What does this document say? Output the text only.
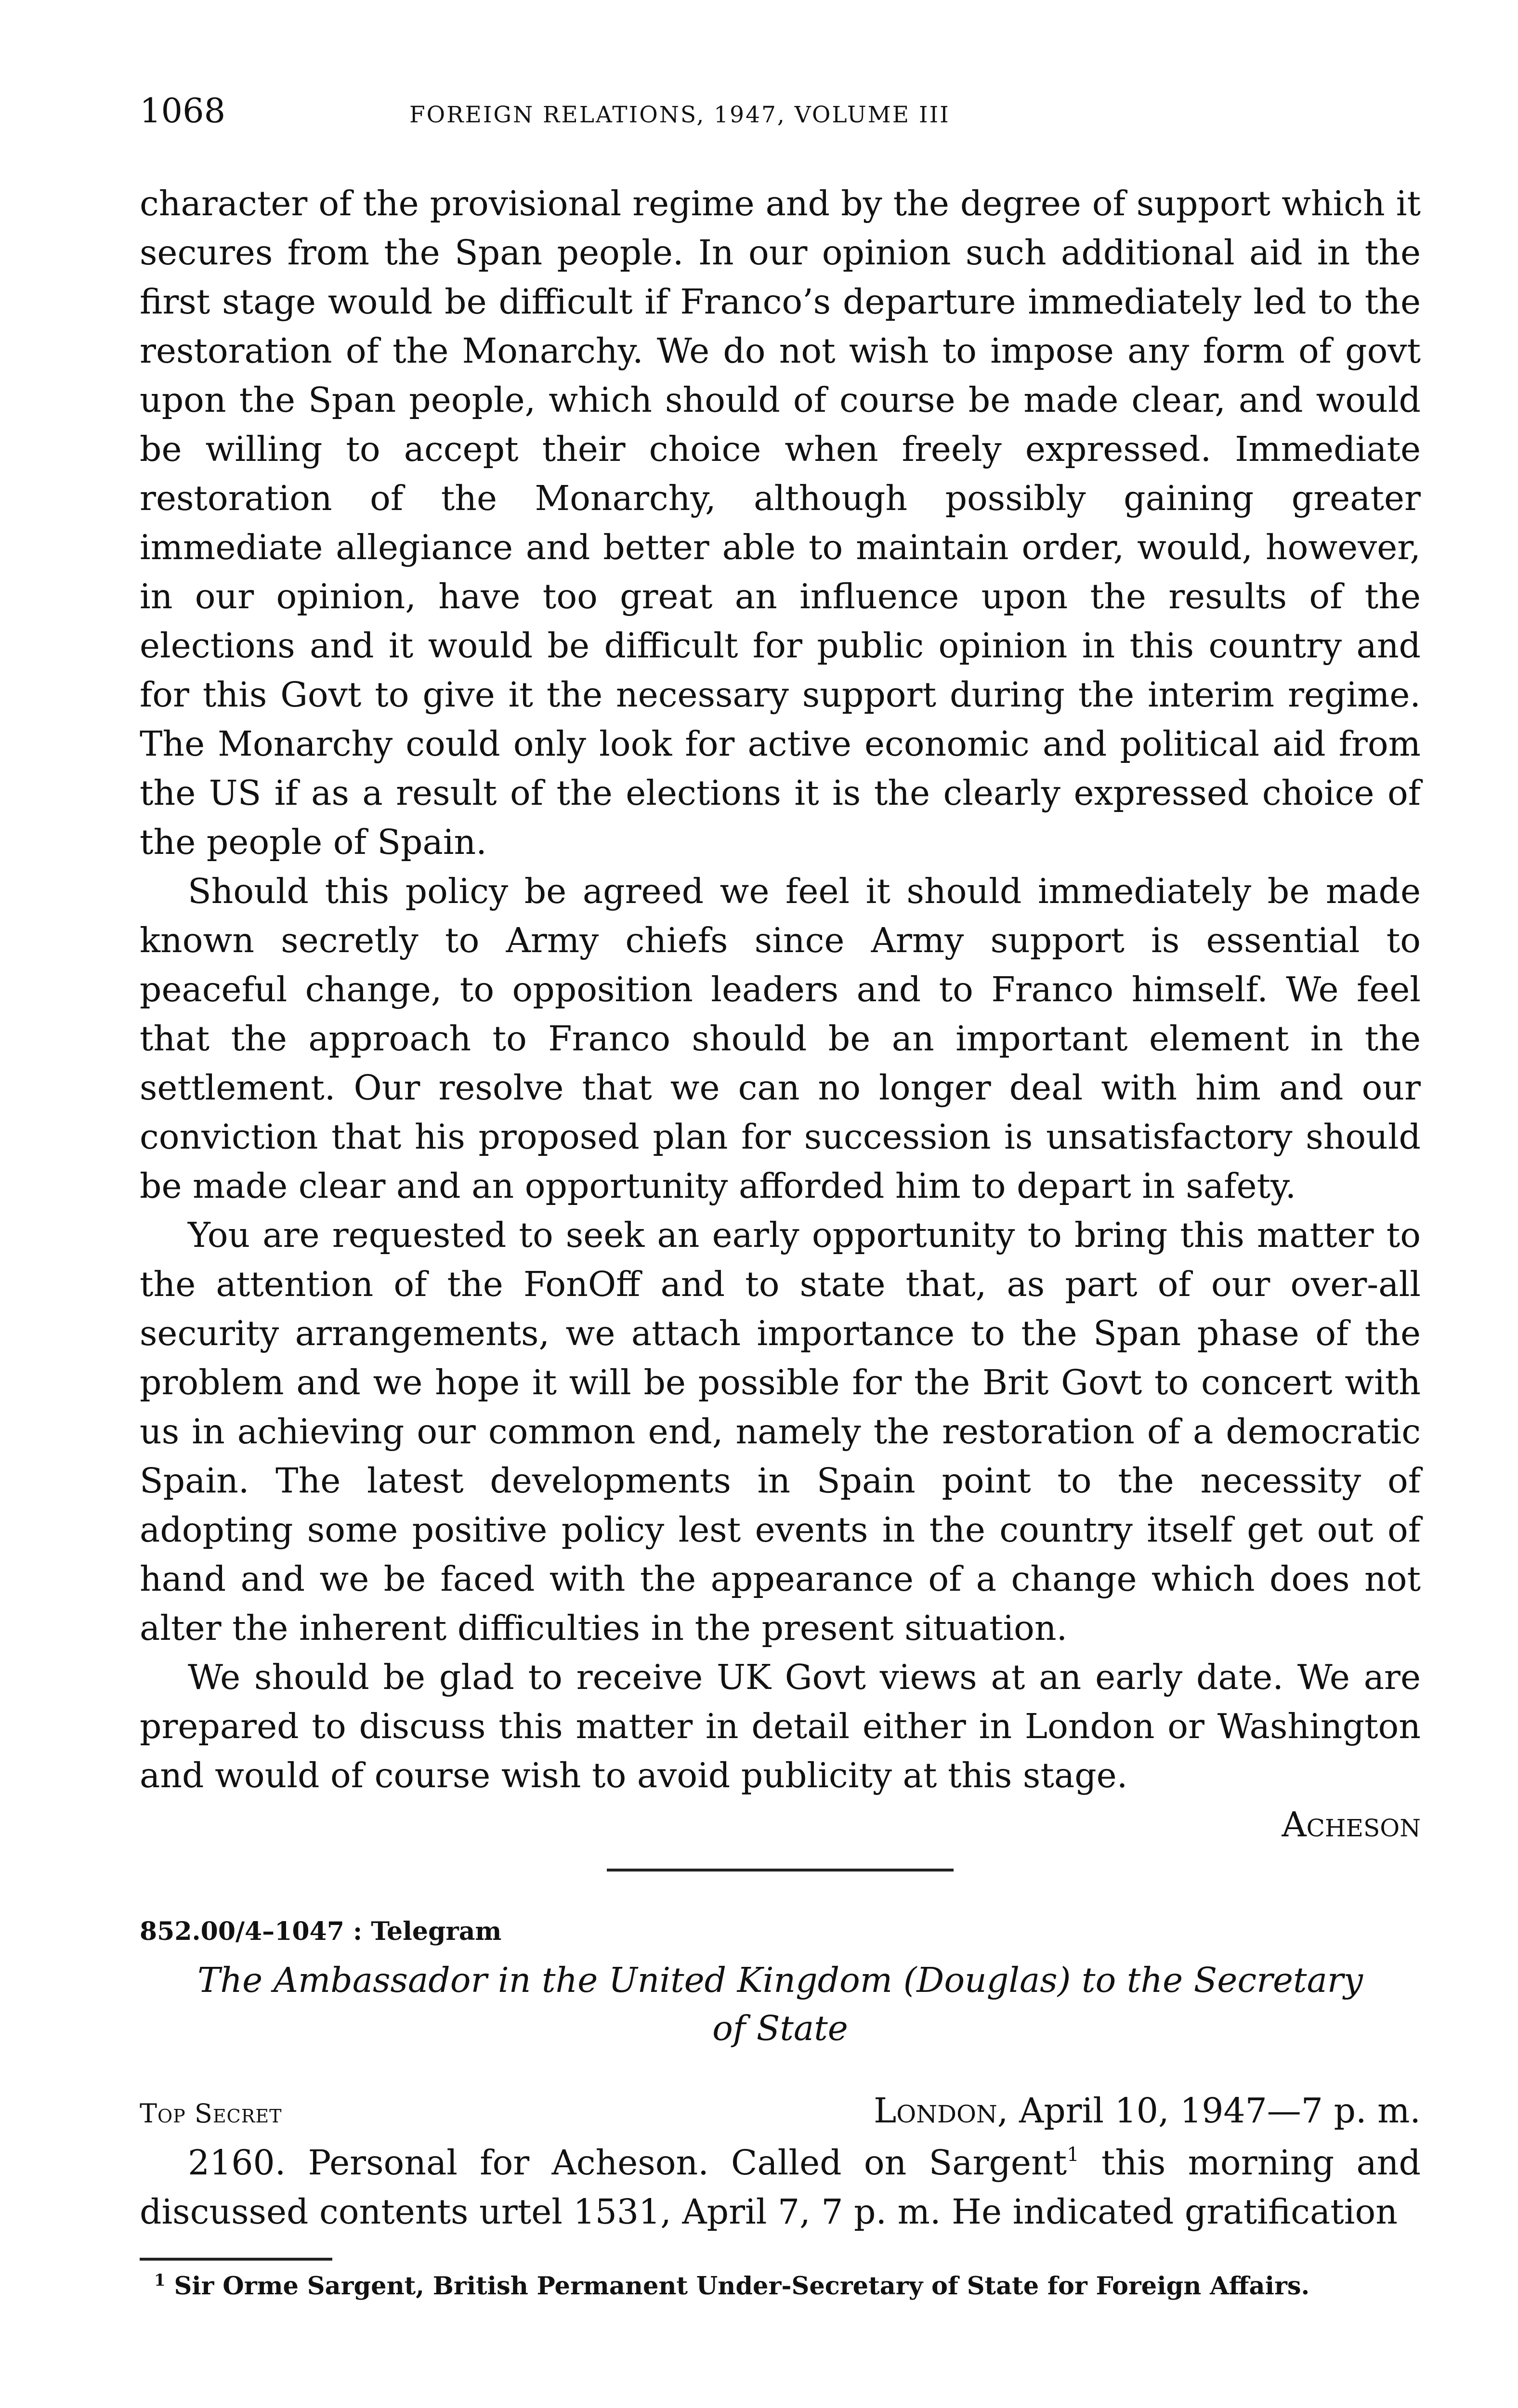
1068	FOREIGN RELATIONS, 1947, VOLUME III

character of the provisional regime and by the degree of support which it secures from the Span people. In our opinion such additional aid in the first stage would be difficult if Franco’s departure immediately led to the restoration of the Monarchy. We do not wish to impose any form of govt upon the Span people, which should of course be made clear, and would be willing to accept their choice when freely expressed. Immediate restoration of the Monarchy, although possibly gaining greater immediate allegiance and better able to maintain order, would, however, in our opinion, have too great an influence upon the results of the elections and it would be difficult for public opinion in this country and for this Govt to give it the necessary support during the interim regime. The Monarchy could only look for active economic and political aid from the US if as a result of the elections it is the clearly expressed choice of the people of Spain.

Should this policy be agreed we feel it should immediately be made known secretly to Army chiefs since Army support is essential to peaceful change, to opposition leaders and to Franco himself. We feel that the approach to Franco should be an important element in the settlement. Our resolve that we can no longer deal with him and our conviction that his proposed plan for succession is unsatisfactory should be made clear and an opportunity afforded him to depart in safety.

You are requested to seek an early opportunity to bring this matter to the attention of the FonOff and to state that, as part of our over-all security arrangements, we attach importance to the Span phase of the problem and we hope it will be possible for the Brit Govt to concert with us in achieving our common end, namely the restoration of a democratic Spain. The latest developments in Spain point to the necessity of adopting some positive policy lest events in the country itself get out of hand and we be faced with the appearance of a change which does not alter the inherent difficulties in the present situation.

We should be glad to receive UK Govt views at an early date. We are prepared to discuss this matter in detail either in London or Washington and would of course wish to avoid publicity at this stage.

Acheson

852.00/4–1047 : Telegram
The Ambassador in the United Kingdom (Douglas) to the Secretary of State
Top Secret	London, April 10, 1947—7 p. m.

2160. Personal for Acheson. Called on Sargent$^1$ this morning and discussed contents urtel 1531, April 7, 7 p. m. He indicated gratification

$^1$ Sir Orme Sargent, British Permanent Under-Secretary of State for Foreign Affairs.
